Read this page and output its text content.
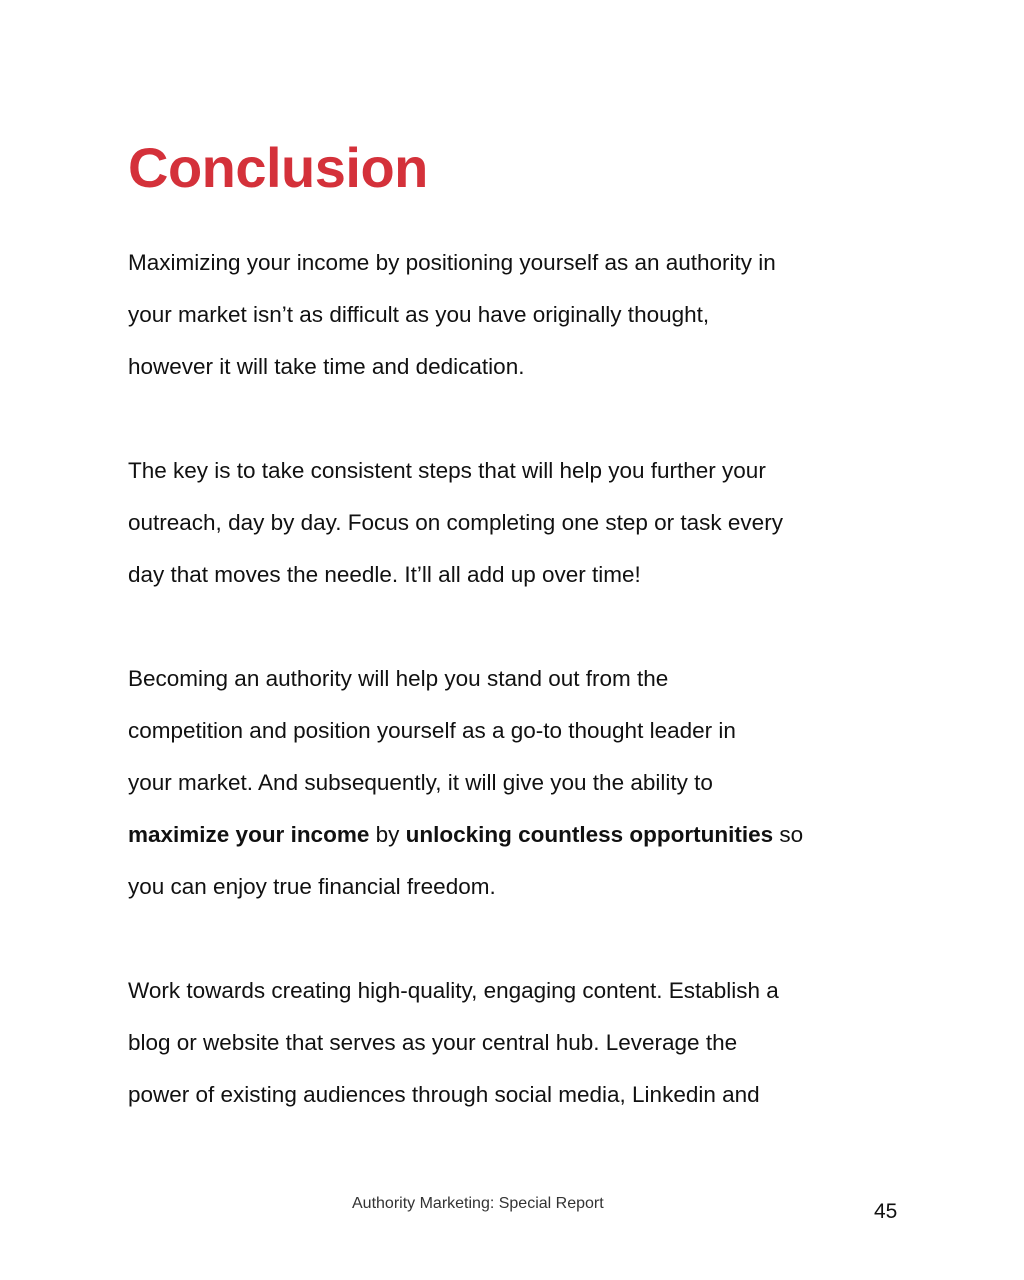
Conclusion

Maximizing your income by positioning yourself as an authority in
your market isn’t as difficult as you have originally thought,
however it will take time and dedication.

The key is to take consistent steps that will help you further your
outreach, day by day. Focus on completing one step or task every
day that moves the needle. It’ll all add up over time!

Becoming an authority will help you stand out from the
competition and position yourself as a go-to thought leader in
your market. And subsequently, it will give you the ability to
maximize your income by unlocking countless opportunities so
you can enjoy true financial freedom.

Work towards creating high-quality, engaging content. Establish a
blog or website that serves as your central hub. Leverage the
power of existing audiences through social media, Linkedin and

Authority Marketing: Special Report	45
